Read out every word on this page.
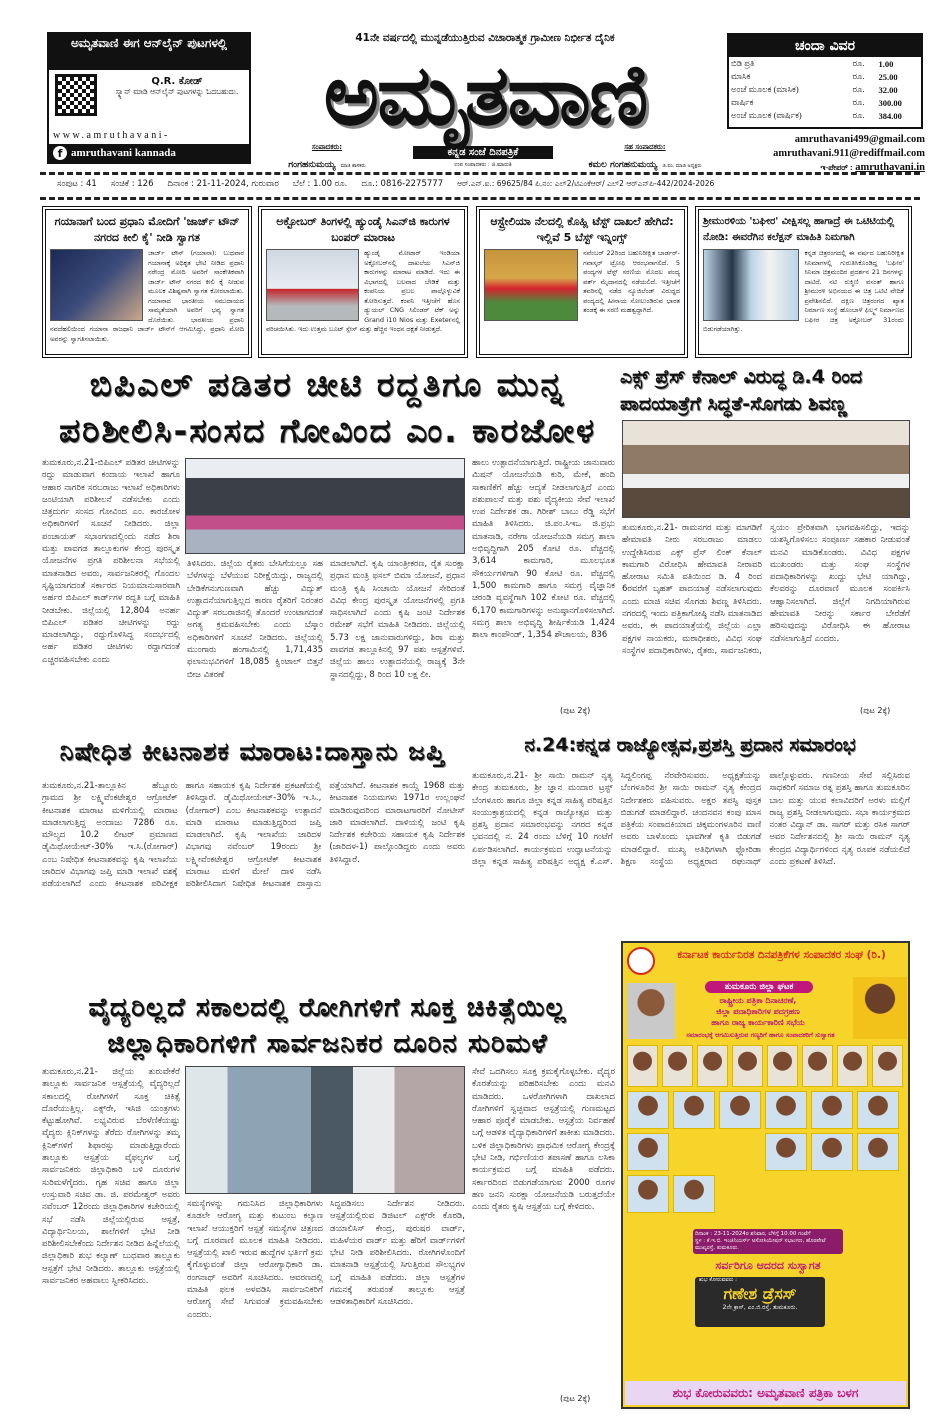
ಅಮೃತವಾಣಿ ಈಗ ಆನ್‌ಲೈನ್ ಪುಟಗಳಲ್ಲಿ
Q.R. ಕೋಡ್
ಸ್ಕ್ಯಾನ್ ಮಾಡಿ ಆನ್‌ಲೈನ್ ಪುಟಗಳನ್ನು ಓದಬಹುದು.
www.amruthavani-
f amruthavani kannada
41ನೇ ವರ್ಷದಲ್ಲಿ ಮುನ್ನಡೆಯುತ್ತಿರುವ ವಿಚಾರಾತ್ಮಕ ಗ್ರಾಮೀಣ ನಿರ್ಭೀತ ದೈನಿಕ
ಅಮೃತವಾಣಿ
ಸಂಪಾದಕರು:
ಗಂಗಹನುಮಯ್ಯ ಮಾಜಿ ಶಾಸಕರು
ಕನ್ನಡ ಸಂಜೆ ದಿನಪತ್ರಿಕೆ
ಉಪ ಸಂಪಾದಕರು : ಜಿ.ಮಾರುತಿ
ಸಹ ಸಂಪಾದಕರು:
ಕಮಲ ಗಂಗಹನುಮಯ್ಯ ಜಿ.ಪಂ. ಮಾಜಿ ಅಧ್ಯಕ್ಷರು
ಚಂದಾ ವಿವರ
ಬಿಡಿ ಪ್ರತಿ	ರೂ.	1.00
ಮಾಸಿಕ	ರೂ.	25.00
ಅಂಚೆ ಮೂಲಕ (ಮಾಸಿಕ)	ರೂ.	32.00
ವಾರ್ಷಿಕ	ರೂ.	300.00
ಅಂಚೆ ಮೂಲಕ (ವಾರ್ಷಿಕ)	ರೂ.	384.00
amruthavani499@gmail.com
amruthavani.911@rediffmail.com
ಇ-ಪೇಪರ್ : amruthavani.in
ಸಂಪುಟ : 41 ಸಂಚಿಕೆ : 126 ದಿನಾಂಕ : 21-11-2024, ಗುರುವಾರ ಬೆಲೆ : 1.00 ರೂ. ದೂ.: 0816-2275777 ಆರ್.ಎನ್.ಐ.: 69625/84 ಪಿ.ನಂ: ಎಲ್2/ಟಿಎಂಕೆಆರ್/ ಎಲ್2 ಆರ್‌ಎನ್‌ಪಿ-442/2024-2026
ಗಯಾನಾಗೆ ಬಂದ ಪ್ರಧಾನಿ ಮೋದಿಗೆ 'ಜಾರ್ಜ್ ಟೌನ್ ನಗರದ ಕೀಲಿ ಕೈ' ನೀಡಿ ಸ್ವಾಗತ

ಜಾರ್ಜ್ ಟೌನ್ (ಗಯಾನಾ): ಬುಧವಾರ ಗಯಾನಾಕ್ಕೆ ಅಧಿಕೃತ ಭೇಟಿ ನೀಡಿದ ಪ್ರಧಾನಿ ನರೇಂದ್ರ ಮೋದಿ ಅವರಿಗೆ ಸಾಂಕೇತಿಕವಾಗಿ ಜಾರ್ಜ್ ಟೌನ್ ನಗರದ ಕೀಲಿ ಕೈ ನೀಡುವ ಮೂಲಕ ವಿಶಿಷ್ಟವಾಗಿ ಸ್ವಾಗತ ಕೋರಲಾಯಿತು. ಗಯಾನಾದ ಭಾರತೀಯ ಸಮುದಾಯದ ಸಾಮ್ಯತೆಯಾಗಿ ಅವರಿಗೆ ಭವ್ಯ ಸ್ವಾಗತ ದೊರೆಯಿತು. ಭಾರತೀಯ ಪ್ರಧಾನಿ ನವದೆಹಲಿಯಿಂದ ಗಯಾನಾ ರಾಜಧಾನಿ ಜಾರ್ಜ್ ಟೌನ್‌ಗೆ ಆಗಮಿಸಿದ್ದು, ಪ್ರಧಾನಿ ಮೋದಿ ಅವರನ್ನು ಸ್ವಾಗತಿಸಲಾಯಿತು.

ಅಕ್ಟೋಬರ್ ತಿಂಗಳಲ್ಲಿ ಹ್ಯುಂಡೈ ಸಿಎನ್‌ಜಿ ಕಾರುಗಳ ಬಂಪರ್ ಮಾರಾಟ

ಹ್ಯುಂಡೈ ಮೋಟಾರ್ ಇಂಡಿಯಾ ಅಕ್ಟೋಬರ್‌ನಲ್ಲಿ ದಾಖಲೆಯ ಸಿಎನ್‌ಜಿ ಕಾರುಗಳನ್ನು ಮಾರಾಟ ಮಾಡಿದೆ. ಇದು ಈ ವಿಭಾಗದಲ್ಲಿ ಬಲವಾದ ಬೇಡಿಕೆ ಮತ್ತು ಕಂಪನಿಯ ಪ್ರಬಲ ಪಾಲ್ಗೊಳ್ಳುವಿಕೆ ತೋರಿಸುತ್ತದೆ. ಕಂಪನಿ ಇತ್ತೀಚೆಗೆ ಹೊಸ ಡ್ಯುಯಲ್ CNG ಸಿಲಿಂಡರ್ ಟೆಕ್ ಅನ್ನು Grand i10 Nios ಮತ್ತು Exeter‌ನಲ್ಲಿ ಪರಿಚಯಿಸಿತು. ಇದು ಉತ್ತಮ ಬೂಟ್ ಸ್ಪೇಸ್ ಮತ್ತು ಹೆಚ್ಚಿನ ಇಂಧನ ದಕ್ಷತೆ ನೀಡುತ್ತದೆ.

ಆಸ್ಟ್ರೇಲಿಯಾ ನೆಲದಲ್ಲಿ ಕೊಹ್ಲಿ ಟೆಸ್ಟ್ ದಾಖಲೆ ಹೇಗಿದೆ: ಇಲ್ಲಿವೆ 5 ಬೆಸ್ಟ್ ಇನ್ನಿಂಗ್ಸ್

ನವೆಂಬರ್ 22ರಿಂದ ಬಹುನಿರೀಕ್ಷಿತ ಬಾರ್ಡರ್-ಗವಾಸ್ಕರ್ ಟ್ರೋಫಿ ಆರಂಭವಾಗಲಿದೆ. 5 ಪಂದ್ಯಗಳ ಟೆಸ್ಟ್ ಸರಣಿಯ ಮೊದಲ ಪಂದ್ಯ ಪರ್ತ್ ಮೈದಾನದಲ್ಲಿ ನಡೆಯಲಿದೆ. ಇತ್ತೀಚೆಗೆ ತವರಿನಲ್ಲಿ ನಡೆದ ನ್ಯೂಜಿಲೆಂಡ್ ವಿರುದ್ಧದ ಪಂದ್ಯದಲ್ಲಿ ಹೀನಾಯ ಸೋಲುಂಡಿರುವ ಭಾರತ ತಂಡಕ್ಕೆ ಈ ಸರಣಿ ಮಹತ್ವದ್ದಾಗಿದೆ.

ಶ್ರೀಮುರಳಿಯ 'ಬಘೀರ' ವೀಕ್ಷಿಸಲ್ಲ ಹಾಗಾದ್ರೆ ಈ ಒಟಿಟಿಯಲ್ಲಿ ನೋಡಿ: ಈವರೆಗಿನ ಕಲೆಕ್ಷನ್ ಮಾಹಿತಿ ನಿಮಗಾಗಿ

ಕನ್ನಡ ಚಿತ್ರರಂಗದಲ್ಲಿ ಈ ವರ್ಷದ ಬಹುನಿರೀಕ್ಷಿತ ಸಿನಿಮಾಗಳಲ್ಲಿ ಗುರುತಿಸಿಕೊಂಡಿದ್ದ 'ಬಘೀರ' ಸಿನಿಮಾ ಚಿತ್ರಮಂದಿರ ಪ್ರದರ್ಶನ 21 ದಿನಗಳನ್ನು ದಾಟಿದೆ. ನಟಿ ರುಕ್ಮಿಣಿ ವಸಂತ್ ಹಾಗೂ ಶ್ರೀಮುರಳಿ ಅಭಿನಯದ ಈ ಚಿತ್ರ ಒಟಿಟಿ ವೇದಿಕೆ ಪ್ರವೇಶಿಸಲಿದೆ. ದಕ್ಷಿಣ ಚಿತ್ರರಂಗದ ಖ್ಯಾತ ನಿರ್ಮಾಣ ಸಂಸ್ಥೆ ಹೊಂಬಾಳೆ ಫಿಲ್ಮ್ಸ್ ನಿರ್ಮಾಣದ ಬಘೀರ ಚಿತ್ರ ಅಕ್ಟೋಬರ್ 31ರಂದು ಬಿಡುಗಡೆಯಾಗಿತ್ತು.

ಬಿಪಿಎಲ್ ಪಡಿತರ ಚೀಟಿ ರದ್ದತಿಗೂ ಮುನ್ನ
ಪರಿಶೀಲಿಸಿ-ಸಂಸದ ಗೋವಿಂದ ಎಂ. ಕಾರಜೋಳ
ತುಮಕೂರು,ನ.21-ಬಿಪಿಎಲ್ ಪಡಿತರ ಚೀಟಿಗಳನ್ನು ರದ್ದು ಮಾಡುವಾಗ ಕಂದಾಯ ಇಲಾಖೆ ಹಾಗೂ ಆಹಾರ ನಾಗರಿಕ ಸರಬರಾಜು ಇಲಾಖೆ ಅಧಿಕಾರಿಗಳು ಜಂಟಿಯಾಗಿ ಪರಿಶೀಲನೆ ನಡೆಸಬೇಕು ಎಂದು ಚಿತ್ರದುರ್ಗ ಸಂಸದ ಗೋವಿಂದ ಎಂ. ಕಾರಜೋಳ ಅಧಿಕಾರಿಗಳಿಗೆ ಸೂಚನೆ ನೀಡಿದರು. ಜಿಲ್ಲಾ ಪಂಚಾಯತ್ ಸಭಾಂಗಣದಲ್ಲಿಂದು ನಡೆದ ಶಿರಾ ಮತ್ತು ಪಾವಗಡ ತಾಲ್ಲೂಕುಗಳ ಕೇಂದ್ರ ಪುರಸ್ಕೃತ ಯೋಜನೆಗಳ ಪ್ರಗತಿ ಪರಿಶೀಲನಾ ಸಭೆಯಲ್ಲಿ ಮಾತನಾಡಿದ ಅವರು, ಸಾರ್ವಜನಿಕರಲ್ಲಿ ಗೊಂದಲ ಸೃಷ್ಟಿಯಾಗದಂತೆ ಸರ್ಕಾರದ ನಿಯಮಾನುಸಾರವಾಗಿ ಅರ್ಹರ ಬಿಪಿಎಲ್ ಕಾರ್ಡ್‌ಗಳ ರದ್ದತಿ ಬಗ್ಗೆ ಮಾಹಿತಿ ನೀಡಬೇಕು. ಜಿಲ್ಲೆಯಲ್ಲಿ 12,804 ಅನರ್ಹ ಬಿಪಿಎಲ್ ಪಡಿತರ ಚೀಟಿಗಳನ್ನು ರದ್ದು ಮಾಡಲಾಗಿದ್ದು, ರದ್ದುಗೊಳಿಸಿದ್ದ ಸಂದರ್ಭದಲ್ಲಿ ಅರ್ಹ ಪಡಿತರ ಚೀಟಿಗಳು ರದ್ದಾಗದಂತೆ ಎಚ್ಚರವಹಿಸಬೇಕು ಎಂದು
ತಿಳಿಸಿದರು. ಜಿಲ್ಲೆಯ ರೈತರು ಬೇಸಿಗೆಯಲ್ಲೂ ಸಹ ಬೆಳೆಗಳನ್ನು ಬೆಳೆಯುವ ನಿರೀಕ್ಷೆಯಿದ್ದು, ರಾಜ್ಯದಲ್ಲಿ ಬೇಡಿಕೆಗನುಗುಣವಾಗಿ ಹೆಚ್ಚು ವಿದ್ಯುತ್ ಉತ್ಪಾದನೆಯಾಗುತ್ತಿಲ್ಲದ ಕಾರಣ ರೈತರಿಗೆ ನಿರಂತರ ವಿದ್ಯುತ್ ಸರಬರಾಜಿನಲ್ಲಿ ತೊಂದರೆ ಉಂಟಾಗದಂತೆ ಅಗತ್ಯ ಕ್ರಮವಹಿಸಬೇಕು ಎಂದು ಬೆಸ್ಕಾಂ ಅಧಿಕಾರಿಗಳಿಗೆ ಸೂಚನೆ ನೀಡಿದರು. ಜಿಲ್ಲೆಯಲ್ಲಿ ಮುಂಗಾರು ಹಂಗಾಮಿನಲ್ಲಿ 1,71,435 ಫಲಾನುಭವಿಗಳಿಗೆ 18,085 ಕ್ವಿಂಟಾಲ್ ಬಿತ್ತನೆ ಬೀಜ ವಿತರಣೆ
ಮಾಡಲಾಗಿದೆ. ಕೃಷಿ ಯಾಂತ್ರೀಕರಣ, ರೈತ ಸುರಕ್ಷಾ ಪ್ರಧಾನ ಮಂತ್ರಿ ಫಸಲ್ ಬಿಮಾ ಯೋಜನೆ, ಪ್ರಧಾನ ಮಂತ್ರಿ ಕೃಷಿ ಸಿಂಚಾಯಿ ಯೋಜನೆ ಸೇರಿದಂತೆ ವಿವಿಧ ಕೇಂದ್ರ ಪುರಸ್ಕೃತ ಯೋಜನೆಗಳಲ್ಲಿ ಪ್ರಗತಿ ಸಾಧಿಸಲಾಗಿದೆ ಎಂದು ಕೃಷಿ ಜಂಟಿ ನಿರ್ದೇಶಕ ರಮೇಶ್ ಸಭೆಗೆ ಮಾಹಿತಿ ನೀಡಿದರು. ಜಿಲ್ಲೆಯಲ್ಲಿ 5.73 ಲಕ್ಷ ಜಾನುವಾರುಗಳಿದ್ದು, ಶಿರಾ ಮತ್ತು ಪಾವಗಡ ತಾಲ್ಲೂಕಿನಲ್ಲಿ 97 ಪಶು ಆಸ್ಪತ್ರೆಗಳಿವೆ. ಜಿಲ್ಲೆಯ ಹಾಲು ಉತ್ಪಾದನೆಯಲ್ಲಿ ರಾಜ್ಯಕ್ಕೆ 3ನೇ ಸ್ಥಾನದಲ್ಲಿದ್ದು, 8 ರಿಂದ 10 ಲಕ್ಷ ಲೀ.
ಹಾಲು ಉತ್ಪಾದನೆಯಾಗುತ್ತಿದೆ. ರಾಷ್ಟ್ರೀಯ ಜಾನುವಾರು ಮಿಷನ್ ಯೋಜನೆಯಡಿ ಕುರಿ, ಮೇಕೆ, ಹಂದಿ ಸಾಕಾಣಿಕೆಗೆ ಹೆಚ್ಚು ಆದ್ಯತೆ ನೀಡಲಾಗುತ್ತಿದೆ ಎಂದು ಪಶುಪಾಲನೆ ಮತ್ತು ಪಶು ವೈದ್ಯಕೀಯ ಸೇವೆ ಇಲಾಖೆ ಉಪ ನಿರ್ದೇಶಕ ಡಾ. ಗಿರೀಶ್ ಬಾಬು ರೆಡ್ಡಿ ಸಭೆಗೆ ಮಾಹಿತಿ ತಿಳಿಸಿದರು. ಜಿ.ಪಂ.ಸಿಇಒ ಜಿ.ಪ್ರಭು ಮಾತನಾಡಿ, ನರೇಗಾ ಯೋಜನೆಯಡಿ ಸಮಗ್ರ ಶಾಲಾ ಅಭಿವೃದ್ಧಿಗಾಗಿ 205 ಕೋಟಿ ರೂ. ವೆಚ್ಚದಲ್ಲಿ 3,614 ಕಾಮಗಾರಿ, ಮೂಲಭೂತ ಸೌಕರ್ಯಗಳಿಗಾಗಿ 90 ಕೋಟಿ ರೂ. ವೆಚ್ಚದಲ್ಲಿ 1,500 ಕಾಮಗಾರಿ ಹಾಗೂ ಸಮಗ್ರ ವೈಜ್ಞಾನಿಕ ಚರಂಡಿ ವ್ಯವಸ್ಥೆಗಾಗಿ 102 ಕೋಟಿ ರೂ. ವೆಚ್ಚದಲ್ಲಿ 6,170 ಕಾಮಗಾರಿಗಳನ್ನು ಅನುಷ್ಠಾನಗೊಳಿಸಲಾಗಿದೆ. ಸಮಗ್ರ ಶಾಲಾ ಅಭಿವೃದ್ಧಿ ಶೀರ್ಷಿಕೆಯಡಿ 1,424 ಶಾಲಾ ಕಾಂಪೌಂಡ್, 1,354 ಶೌಚಾಲಯ, 836
(ಪುಟ 2ಕ್ಕೆ)
ಎಕ್ಸ್ ಪ್ರೆಸ್ ಕೆನಾಲ್ ವಿರುದ್ಧ ಡಿ.4 ರಿಂದ
ಪಾದಯಾತ್ರೆಗೆ ಸಿದ್ಧತೆ-ಸೊಗಡು ಶಿವಣ್ಣ
ತುಮಕೂರು,ನ.21- ರಾಮನಗರ ಮತ್ತು ಮಾಗಡಿಗೆ ಹೇಮಾವತಿ ನೀರು ಸರಬರಾಜು ಮಾಡಲು ಉದ್ದೇಶಿಸಿರುವ ಎಕ್ಸ್ ಪ್ರೆಸ್ ಲಿಂಕ್ ಕೆನಾಲ್ ಕಾಮಗಾರಿ ವಿರೋಧಿಸಿ ಹೇಮಾವತಿ ನೀರಾವರಿ ಹೋರಾಟ ಸಮಿತಿ ವತಿಯಿಂದ ಡಿ. 4 ರಿಂದ 6ರವರೆಗೆ ಬೃಹತ್ ಪಾದಯಾತ್ರೆ ನಡೆಸಲಾಗುವುದು ಎಂದು ಮಾಜಿ ಸಚಿವ ಸೊಗಡು ಶಿವಣ್ಣ ತಿಳಿಸಿದರು. ನಗರದಲ್ಲಿ ಇಂದು ಪತ್ರಿಕಾಗೋಷ್ಠಿ ನಡೆಸಿ ಮಾತನಾಡಿದ ಅವರು, ಈ ಪಾದಯಾತ್ರೆಯಲ್ಲಿ ಜಿಲ್ಲೆಯ ಎಲ್ಲಾ ಪಕ್ಷಗಳ ನಾಯಕರು, ಮಠಾಧೀಶರು, ವಿವಿಧ ಸಂಘ ಸಂಸ್ಥೆಗಳ ಪದಾಧಿಕಾರಿಗಳು, ರೈತರು, ಸಾರ್ವಜನಿಕರು, ಸ್ವಯಂ ಪ್ರೇರಿತವಾಗಿ ಭಾಗವಹಿಸಲಿದ್ದು, ಇದನ್ನು ಯಶಸ್ವಿಗೊಳಿಸಲು ಸಂಪೂರ್ಣ ಸಹಕಾರ ನೀಡುವಂತೆ ಮನವಿ ಮಾಡಿಕೊಂಡರು. ವಿವಿಧ ಪಕ್ಷಗಳ ಮುಖಂಡರು ಮತ್ತು ಸಂಘ ಸಂಸ್ಥೆಗಳ ಪದಾಧಿಕಾರಿಗಳನ್ನು ಖುದ್ದು ಭೇಟಿ ಯಾಗಿದ್ದು, ಕೆಲವರನ್ನು ದೂರವಾಣಿ ಮೂಲಕ ಸಂಪರ್ಕಿಸಿ ಆಹ್ವಾನಿಸಲಾಗಿದೆ. ಜಿಲ್ಲೆಗೆ ನಿಗದಿಯಾಗಿರುವ ಹೇಮಾವತಿ ನೀರನ್ನು ಸರ್ಕಾರ ಬೇರೆಡೆಗೆ ಹರಿಸುವುದನ್ನು ವಿರೋಧಿಸಿ ಈ ಹೋರಾಟ ನಡೆಸಲಾಗುತ್ತಿದೆ ಎಂದರು.
(ಪುಟ 2ಕ್ಕೆ)
ನಿಷೇಧಿತ ಕೀಟನಾಶಕ ಮಾರಾಟ:ದಾಸ್ತಾನು ಜಪ್ತಿ
ತುಮಕೂರು,ನ.21-ತಾಲ್ಲೂಕಿನ ಹೆಬ್ಬೂರು ಗ್ರಾಮದ ಶ್ರೀ ಲಕ್ಷ್ಮಿವೆಂಕಟೇಶ್ವರ ಆಗ್ರೋಟೆಕ್ ಕೀಟನಾಶಕ ಮಾರಾಟ ಮಳಿಗೆಯಲ್ಲಿ ಮಾರಾಟ ಮಾಡಲಾಗುತ್ತಿದ್ದ ಅಂದಾಜು 7286 ರೂ. ಮೌಲ್ಯದ 10.2 ಲೀಟರ್ ಪ್ರಮಾಣದ ಡೈಮಿಥೋಯೇಟ್-30% ಇ.ಸಿ.(ರೋಗಾರ್) ಎಂಬ ನಿಷೇಧಿತ ಕೀಟನಾಶಕವನ್ನು ಕೃಷಿ ಇಲಾಖೆಯ ಜಾರಿದಳ ವಿಭಾಗವು ಜಪ್ತಿ ಮಾಡಿ ಇಲಾಖೆ ವಶಕ್ಕೆ ಪಡೆಯಲಾಗಿದೆ ಎಂದು ಕೀಟನಾಶಕ ಪರಿವೀಕ್ಷಕ ಹಾಗೂ ಸಹಾಯಕ ಕೃಷಿ ನಿರ್ದೇಶಕ ಪ್ರಕಟಣೆಯಲ್ಲಿ ತಿಳಿಸಿದ್ದಾರೆ. ಡೈಮಿಥೋಯೇಟ್-30% ಇ.ಸಿ., (ರೋಗಾರ್) ಎಂಬ ಕೀಟನಾಶಕವನ್ನು ಉತ್ಪಾದನೆ ಮಾಡಿ ಮಾರಾಟ ಮಾಡುತ್ತಿದ್ದರಿಂದ ಜಪ್ತಿ ಮಾಡಲಾಗಿದೆ. ಕೃಷಿ ಇಲಾಖೆಯ ಜಾರಿದಳ ವಿಭಾಗವು ನವೆಂಬರ್ 19ರಂದು ಶ್ರೀ ಲಕ್ಷ್ಮೀವೆಂಕಟೇಶ್ವರ ಆಗ್ರೋಟೆಕ್ ಕೀಟನಾಶಕ ಮಾರಾಟ ಮಳಿಗೆ ಮೇಲೆ ದಾಳಿ ನಡೆಸಿ ಪರಿಶೀಲಿಸಿದಾಗ ನಿಷೇಧಿತ ಕೀಟನಾಶಕ ದಾಸ್ತಾನು ಪತ್ತೆಯಾಗಿದೆ. ಕೀಟನಾಶಕ ಕಾಯ್ದೆ 1968 ಮತ್ತು ಕೀಟನಾಶಕ ನಿಯಮಗಳು 1971ರ ಉಲ್ಲಂಘನೆ ಮಾಡಿರುವುದರಿಂದ ಮಾರಾಟಗಾರರಿಗೆ ನೋಟೀಸ್ ಜಾರಿ ಮಾಡಲಾಗಿದೆ. ದಾಳಿಯಲ್ಲಿ ಜಂಟಿ ಕೃಷಿ ನಿರ್ದೇಶಕ ಕಚೇರಿಯ ಸಹಾಯಕ ಕೃಷಿ ನಿರ್ದೇಶಕ (ಜಾರಿದಳ-1) ಪಾಲ್ಗೊಂಡಿದ್ದರು ಎಂದು ಅವರು ತಿಳಿಸಿದ್ದಾರೆ.
ನ.24:ಕನ್ನಡ ರಾಜ್ಯೋತ್ಸವ,ಪ್ರಶಸ್ತಿ ಪ್ರದಾನ ಸಮಾರಂಭ
ತುಮಕೂರು,ನ.21- ಶ್ರೀ ಸಾಯಿ ರಾಮನ್ ನೃತ್ಯ ಕೇಂದ್ರ ತುಮಕೂರು, ಶ್ರೀ ಜ್ಞಾನ ಮಂದಾರ ಟ್ರಸ್ಟ್ ಬೆಂಗಳೂರು ಹಾಗೂ ಜಿಲ್ಲಾ ಕನ್ನಡ ಸಾಹಿತ್ಯ ಪರಿಷತ್ತಿನ ಸಂಯುಕ್ತಾಶ್ರಯದಲ್ಲಿ ಕನ್ನಡ ರಾಜ್ಯೋತ್ಸವ ಮತ್ತು ಪ್ರಶಸ್ತಿ ಪ್ರದಾನ ಸಮಾರಂಭವನ್ನು ನಗರದ ಕನ್ನಡ ಭವನದಲ್ಲಿ ನ. 24 ರಂದು ಬೆಳಿಗ್ಗೆ 10 ಗಂಟೆಗೆ ಏರ್ಪಡಿಸಲಾಗಿದೆ. ಕಾರ್ಯಕ್ರಮದ ಉದ್ಘಾಟನೆಯನ್ನು ಜಿಲ್ಲಾ ಕನ್ನಡ ಸಾಹಿತ್ಯ ಪರಿಷತ್ತಿನ ಅಧ್ಯಕ್ಷ ಕೆ.ಎಸ್. ಸಿದ್ದಲಿಂಗಪ್ಪ ನೆರವೇರಿಸುವರು. ಅಧ್ಯಕ್ಷತೆಯನ್ನು ಬೆಂಗಳೂರಿನ ಶ್ರೀ ಸಾಯಿ ರಾಮನ್ ನೃತ್ಯ ಕೇಂದ್ರದ ನಿರ್ದೇಶಕರು ವಹಿಸುವರು. ಅಕ್ಷರ ತಪಸ್ವಿ ಪುಸ್ತಕ ಬಿಡುಗಡೆ ಮಾಡಲಿದ್ದಾರೆ. ಚಂದನವನ ಕಂಪು ಮಾಸ ಪತ್ರಿಕೆಯ ಸಂಪಾದಕಿಯಾದ ಚಿಕ್ಕಮಂಗಳೂರಿನ ವಾಣಿ ಅವರು ಬಾಳೊಂದು ಭಾವಗೀತೆ ಕೃತಿ ಬಿಡುಗಡೆ ಮಾಡಲಿದ್ದಾರೆ. ಮುಖ್ಯ ಅತಿಥಿಗಳಾಗಿ ಫ್ಲೋರಿಡಾ ಶಿಕ್ಷಣ ಸಂಸ್ಥೆಯ ಅಧ್ಯಕ್ಷರಾದ ರಘುನಾಥ್ ಪಾಲ್ಗೊಳ್ಳುವರು. ಗಣನೀಯ ಸೇವೆ ಸಲ್ಲಿಸಿರುವ ಸಾಧಕರಿಗೆ ಸಮಾಜ ರತ್ನ ಪ್ರಶಸ್ತಿ ಹಾಗೂ ತುಮಕೂರಿನ ಬಾಲ ಮತ್ತು ಯುವ ಕಲಾವಿದರಿಗೆ ಅರಳು ಮಲ್ಲಿಗೆ ರಾಜ್ಯ ಪ್ರಶಸ್ತಿ ನೀಡಲಾಗುವುದು. ಸಭಾ ಕಾರ್ಯಕ್ರಮದ ನಂತರ ವಿದ್ವಾನ್ ಡಾ. ಸಾಗರ್ ಮತ್ತು ರಸಿಕ ಸಾಗರ್ ಅವರ ನಿರ್ದೇಶನದಲ್ಲಿ ಶ್ರೀ ಸಾಯಿ ರಾಮನ್ ನೃತ್ಯ ಕೇಂದ್ರದ ವಿದ್ಯಾರ್ಥಿಗಳಿಂದ ನೃತ್ಯ ರೂಪಕ ನಡೆಯಲಿದೆ ಎಂದು ಪ್ರಕಟಣೆ ತಿಳಿಸಿದೆ.
ವೈದ್ಯರಿಲ್ಲದೆ ಸಕಾಲದಲ್ಲಿ ರೋಗಿಗಳಿಗೆ ಸೂಕ್ತ ಚಿಕಿತ್ಸೆಯಿಲ್ಲ
ಜಿಲ್ಲಾಧಿಕಾರಿಗಳಿಗೆ ಸಾರ್ವಜನಿಕರ ದೂರಿನ ಸುರಿಮಳೆ
ತುಮಕೂರು,ನ.21- ಜಿಲ್ಲೆಯ ತುರುವೇಕೆರೆ ತಾಲ್ಲೂಕು ಸಾರ್ವಜನಿಕ ಆಸ್ಪತ್ರೆಯಲ್ಲಿ ವೈದ್ಯರಿಲ್ಲದೆ ಸಕಾಲದಲ್ಲಿ ರೋಗಿಗಳಿಗೆ ಸೂಕ್ತ ಚಿಕಿತ್ಸೆ ದೊರೆಯುತ್ತಿಲ್ಲ. ಎಕ್ಸ್‌ರೇ, ಇಸಿಜಿ ಯಂತ್ರಗಳು ಕೆಟ್ಟುಹೋಗಿವೆ. ಲಭ್ಯವಿರುವ ಬೆರಳೆಣಿಕೆಯಷ್ಟು ವೈದ್ಯರು ಕ್ಲಿನಿಕ್‌ಗಳನ್ನು ತೆರೆದು ರೋಗಿಗಳನ್ನು ತಮ್ಮ ಕ್ಲಿನಿಕ್‌ಗಳಿಗೆ ಶಿಫಾರಸ್ಸು ಮಾಡುತ್ತಿದ್ದಾರೆಂದು ತಾಲ್ಲೂಕು ಆಸ್ಪತ್ರೆಯ ವೈಫಲ್ಯಗಳ ಬಗ್ಗೆ ಸಾರ್ವಜನಿಕರು ಜಿಲ್ಲಾಧಿಕಾರಿ ಬಳಿ ದೂರುಗಳ ಸುರಿಮಳೆಗೈದರು. ಗೃಹ ಸಚಿವ ಹಾಗೂ ಜಿಲ್ಲಾ ಉಸ್ತುವಾರಿ ಸಚಿವ ಡಾ. ಜಿ. ಪರಮೇಶ್ವರ್ ಅವರು ನವೆಂಬರ್ 12ರಂದು ಜಿಲ್ಲಾಧಿಕಾರಿಗಳ ಕಚೇರಿಯಲ್ಲಿ ಸಭೆ ನಡೆಸಿ ಜಿಲ್ಲೆಯಲ್ಲಿರುವ ಆಸ್ಪತ್ರೆ, ವಿದ್ಯಾರ್ಥಿನಿಲಯ, ಶಾಲೆಗಳಿಗೆ ಭೇಟಿ ನೀಡಿ ಪರಿಶೀಲಿಸಬೇಕೆಂದು ನಿರ್ದೇಶನ ನೀಡಿದ ಹಿನ್ನೆಲೆಯಲ್ಲಿ ಜಿಲ್ಲಾಧಿಕಾರಿ ಶುಭ ಕಲ್ಯಾಣ್ ಬುಧವಾರ ತಾಲ್ಲೂಕು ಆಸ್ಪತ್ರೆಗೆ ಭೇಟಿ ನೀಡಿದರು. ತಾಲ್ಲೂಕು ಆಸ್ಪತ್ರೆಯಲ್ಲಿ ಸಾರ್ವಜನಿಕರ ಅಹವಾಲು ಸ್ವೀಕರಿಸಿದರು.
ಸಮಸ್ಯೆಗಳನ್ನು ಗಮನಿಸಿದ ಜಿಲ್ಲಾಧಿಕಾರಿಗಳು ಕೂಡಲೇ ಆರೋಗ್ಯ ಮತ್ತು ಕುಟುಂಬ ಕಲ್ಯಾಣ ಇಲಾಖೆ ಆಯುಕ್ತರಿಗೆ ಆಸ್ಪತ್ರೆ ಸಮಸ್ಯೆಗಳ ಚಿತ್ರಣದ ಬಗ್ಗೆ ದೂರವಾಣಿ ಮೂಲಕ ಮಾಹಿತಿ ನೀಡಿದರು. ಆಸ್ಪತ್ರೆಯಲ್ಲಿ ಖಾಲಿ ಇರುವ ಹುದ್ದೆಗಳ ಭರ್ತಿಗೆ ಕ್ರಮ ಕೈಗೊಳ್ಳುವಂತೆ ಜಿಲ್ಲಾ ಆರೋಗ್ಯಾಧಿಕಾರಿ ಡಾ. ರಂಗನಾಥ್ ಅವರಿಗೆ ಸೂಚಿಸಿದರು. ಆವರಣದಲ್ಲಿ ಮಾಹಿತಿ ಫಲಕ ಅಳವಡಿಸಿ ಸಾರ್ವಜನಿಕರಿಗೆ ಆರೋಗ್ಯ ಸೇವೆ ಸಿಗುವಂತೆ ಕ್ರಮವಹಿಸಬೇಕು ಎಂದರು.
ಸಿದ್ಧಪಡಿಸಲು ನಿರ್ದೇಶನ ನೀಡಿದರು. ಆಸ್ಪತ್ರೆಯಲ್ಲಿರುವ ಡಿಜಿಟಲ್ ಎಕ್ಸ್‌ರೇ ಕೊಠಡಿ, ಡಯಾಲಿಸಿಸ್ ಕೇಂದ್ರ, ಪುರುಷರ ವಾರ್ಡ್, ಮಹಿಳೆಯರ ವಾರ್ಡ್ ಮತ್ತು ಹೆರಿಗೆ ವಾರ್ಡ್‌ಗಳಿಗೆ ಭೇಟಿ ನೀಡಿ ಪರಿಶೀಲಿಸಿದರು. ರೋಗಿಗಳೊಂದಿಗೆ ಮಾತನಾಡಿ ಆಸ್ಪತ್ರೆಯಲ್ಲಿ ಸಿಗುತ್ತಿರುವ ಸೌಲಭ್ಯಗಳ ಬಗ್ಗೆ ಮಾಹಿತಿ ಪಡೆದರು. ಜಿಲ್ಲಾ ಆಸ್ಪತ್ರೆಗಳ ಗಮನಕ್ಕೆ ತರುವಂತೆ ತಾಲ್ಲೂಕು ಆಸ್ಪತ್ರೆ ಆಡಳಿತಾಧಿಕಾರಿಗೆ ಸೂಚಿಸಿದರು.
ಸೇವೆ ಒದಗಿಸಲು ಸೂಕ್ತ ಕ್ರಮಕೈಗೊಳ್ಳಬೇಕು. ವೈದ್ಯರ ಕೊರತೆಯನ್ನು ಪರಿಹರಿಸಬೇಕು ಎಂದು ಮನವಿ ಮಾಡಿದರು. ಒಳರೋಗಿಗಳಾಗಿ ದಾಖಲಾದ ರೋಗಿಗಳಿಗೆ ಸ್ವಚ್ಛವಾದ ಆಸ್ಪತ್ರೆಯಲ್ಲಿ ಗುಣಮಟ್ಟದ ಆಹಾರ ಪೂರೈಕೆ ಮಾಡಬೇಕು. ಆಸ್ಪತ್ರೆಯ ನಿರ್ವಹಣೆ ಬಗ್ಗೆ ಆಡಳಿತ ವೈದ್ಯಾಧಿಕಾರಿಗಳಿಗೆ ತಾಕೀತು ಮಾಡಿದರು. ಬಳಿಕ ಜಿಲ್ಲಾಧಿಕಾರಿಗಳು ಪ್ರಾಥಮಿಕ ಆರೋಗ್ಯ ಕೇಂದ್ರಕ್ಕೆ ಭೇಟಿ ನೀಡಿ, ಗರ್ಭಿಣಿಯರ ತಪಾಸಣೆ ಹಾಗೂ ಲಸಿಕಾ ಕಾರ್ಯಕ್ರಮದ ಬಗ್ಗೆ ಮಾಹಿತಿ ಪಡೆದರು. ಸರ್ಕಾರದಿಂದ ಬಿಡುಗಡೆಯಾಗುವ 2000 ರೂಗಳ ಹಣ ಜನನಿ ಸುರಕ್ಷಾ ಯೋಜನೆಯಡಿ ಬರುತ್ತದೆಯೇ ಎಂದು ರೈತರು ಕೃಷಿ ಆಸ್ಪತ್ರೆಯ ಬಗ್ಗೆ ಕೇಳಿದರು.
(ಪುಟ 2ಕ್ಕೆ)
ಕರ್ನಾಟಕ ಕಾರ್ಯನಿರತ ದಿನಪತ್ರಿಕೆಗಳ ಸಂಪಾದಕರ ಸಂಘ (ರಿ.)
ತುಮಕೂರು ಜಿಲ್ಲಾ ಘಟಕ
ರಾಷ್ಟ್ರೀಯ ಪತ್ರಿಕಾ ದಿನಾಚರಣೆ,
ಜಿಲ್ಲಾ ಪದಾಧಿಕಾರಿಗಳ ಪದಗ್ರಹಣ
ಹಾಗೂ ರಾಜ್ಯ ಕಾರ್ಯಕಾರಿಣಿ ಸಭೆಯ
ಸಮಾರಂಭಕ್ಕೆ ಆಗಮಿಸುತ್ತಿರುವ ಗಣ್ಯರಿಗೆ ಹಾಗೂ ಸಂಪಾದಕರಿಗೆ ಸುಸ್ವಾಗತ
ದಿನಾಂಕ : 23-11-2024ರ ಶನಿವಾರ, ಬೆಳಿಗ್ಗೆ 10.00 ಗಂಟೆಗೆ
ಸ್ಥಳ : ಕೆ.ಇ.ಬಿ. ಇಂಜಿನಿಯರ್ಸ್ ಅಸೋಸಿಯೇಷನ್ ಸಭಾಂಗಣ, ಹೊರಪೇಟೆ ಮುಖ್ಯರಸ್ತೆ, ತುಮಕೂರು.
ಸರ್ವರಿಗೂ ಆದರದ ಸುಸ್ವಾಗತ
ಶುಭ ಕೋರುವವರು :
ಗಣೇಶ ಡ್ರೆಸಸ್
2ನೇ ಕ್ರಾಸ್, ಎಂ.ಜಿ.ರಸ್ತೆ, ತುಮಕೂರು.
ಶುಭ ಕೋರುವವರು: ಅಮೃತವಾಣಿ ಪತ್ರಿಕಾ ಬಳಗ
